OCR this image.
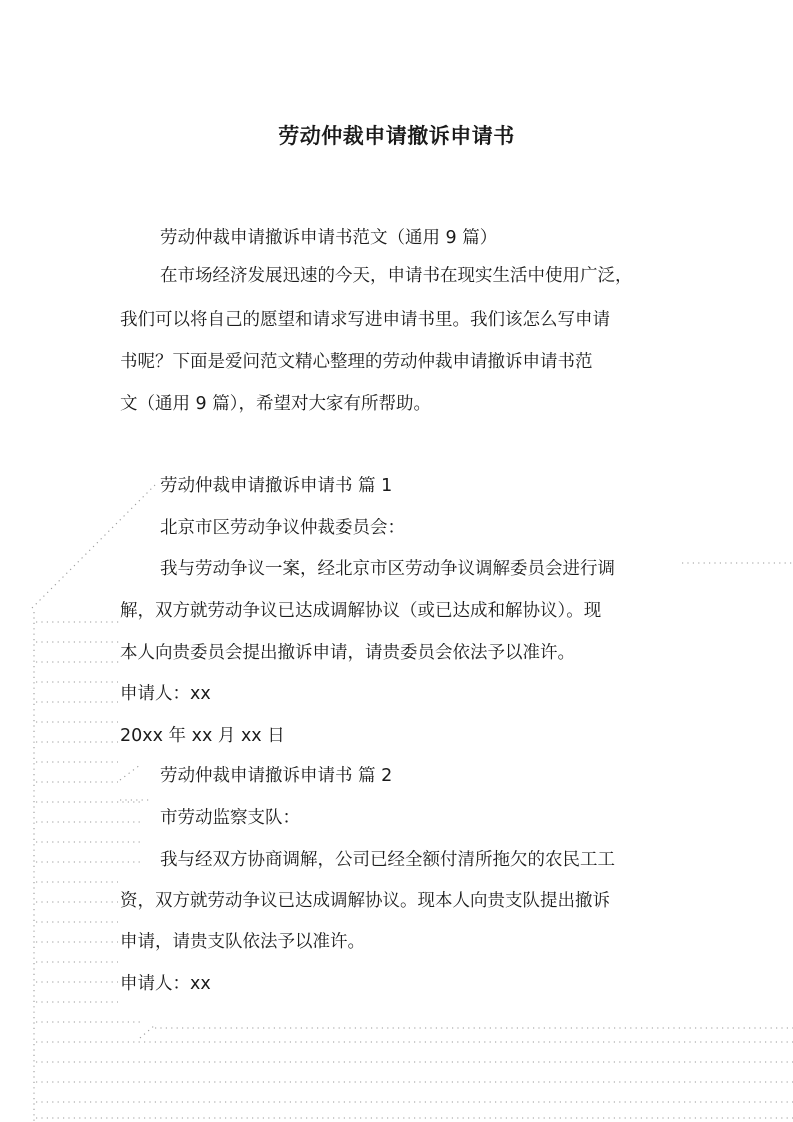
劳动仲裁申请撤诉申请书
劳动仲裁申请撤诉申请书范文（通用 9 篇）
在市场经济发展迅速的今天，申请书在现实生活中使用广泛，
我们可以将自己的愿望和请求写进申请书里。我们该怎么写申请
书呢？下面是爱问范文精心整理的劳动仲裁申请撤诉申请书范
文（通用 9 篇），希望对大家有所帮助。
劳动仲裁申请撤诉申请书 篇 1
北京市区劳动争议仲裁委员会：
我与劳动争议一案，经北京市区劳动争议调解委员会进行调
解，双方就劳动争议已达成调解协议（或已达成和解协议）。现
本人向贵委员会提出撤诉申请，请贵委员会依法予以准许。
申请人：xx
20xx 年 xx 月 xx 日
劳动仲裁申请撤诉申请书 篇 2
市劳动监察支队：
我与经双方协商调解，公司已经全额付清所拖欠的农民工工
资，双方就劳动争议已达成调解协议。现本人向贵支队提出撤诉
申请，请贵支队依法予以准许。
申请人：xx
